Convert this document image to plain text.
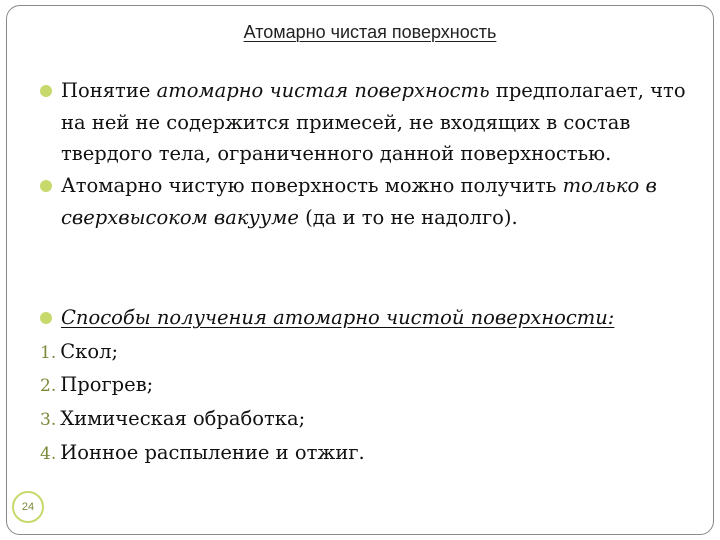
Атомарно чистая поверхность
Понятие атомарно чистая поверхность предполагает, что на ней не содержится примесей, не входящих в состав твердого тела, ограниченного данной поверхностью.
Атомарно чистую поверхность можно получить только в сверхвысоком вакууме (да и то не надолго).
Способы получения атомарно чистой поверхности:
1. Скол;
2. Прогрев;
3. Химическая обработка;
4. Ионное распыление и отжиг.
24
